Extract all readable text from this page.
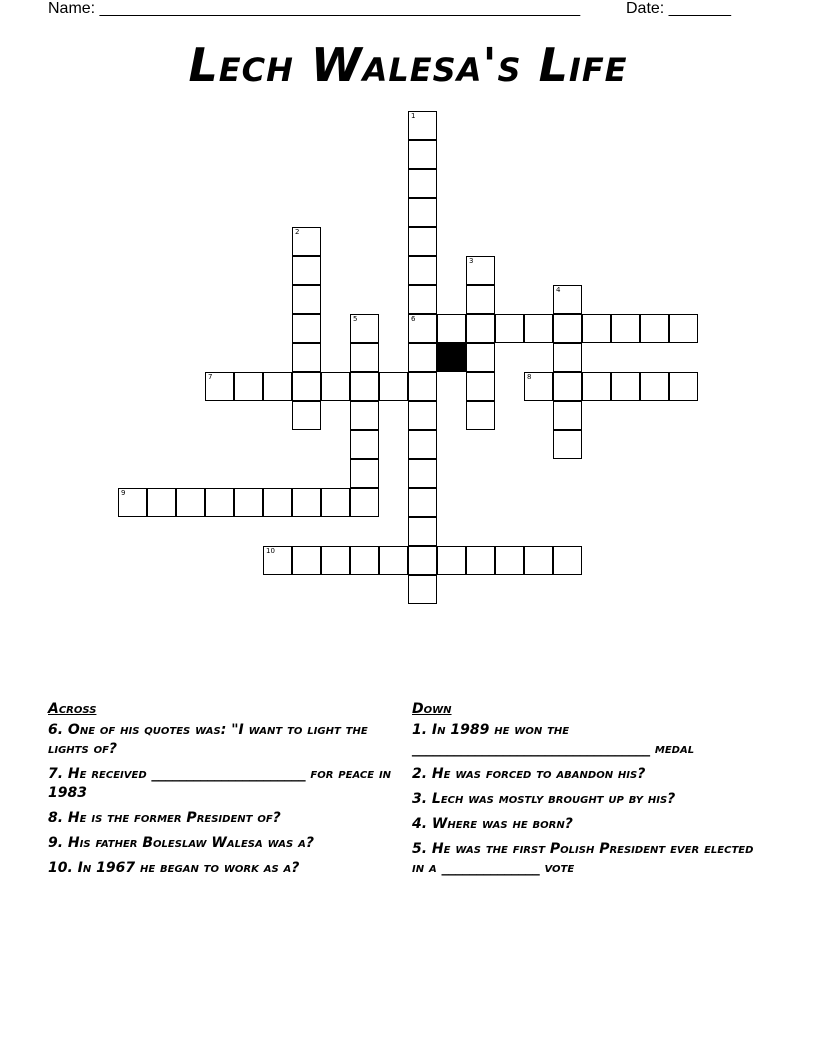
Name: ______________________________________________________	Date: _______
Lech Walesa's Life
1
6
2
3
4
5
7	8
9
10
Across
6. One of his quotes was: "I want to light the lights of?
7. He received ______________________ for peace in 1983
8. He is the former President of?
9. His father Boleslaw Walesa was a?
10. In 1967 he began to work as a?
Down
1. In 1989 he won the __________________________________ medal
2. He was forced to abandon his?
3. Lech was mostly brought up by his?
4. Where was he born?
5. He was the first Polish President ever elected in a ______________ vote
